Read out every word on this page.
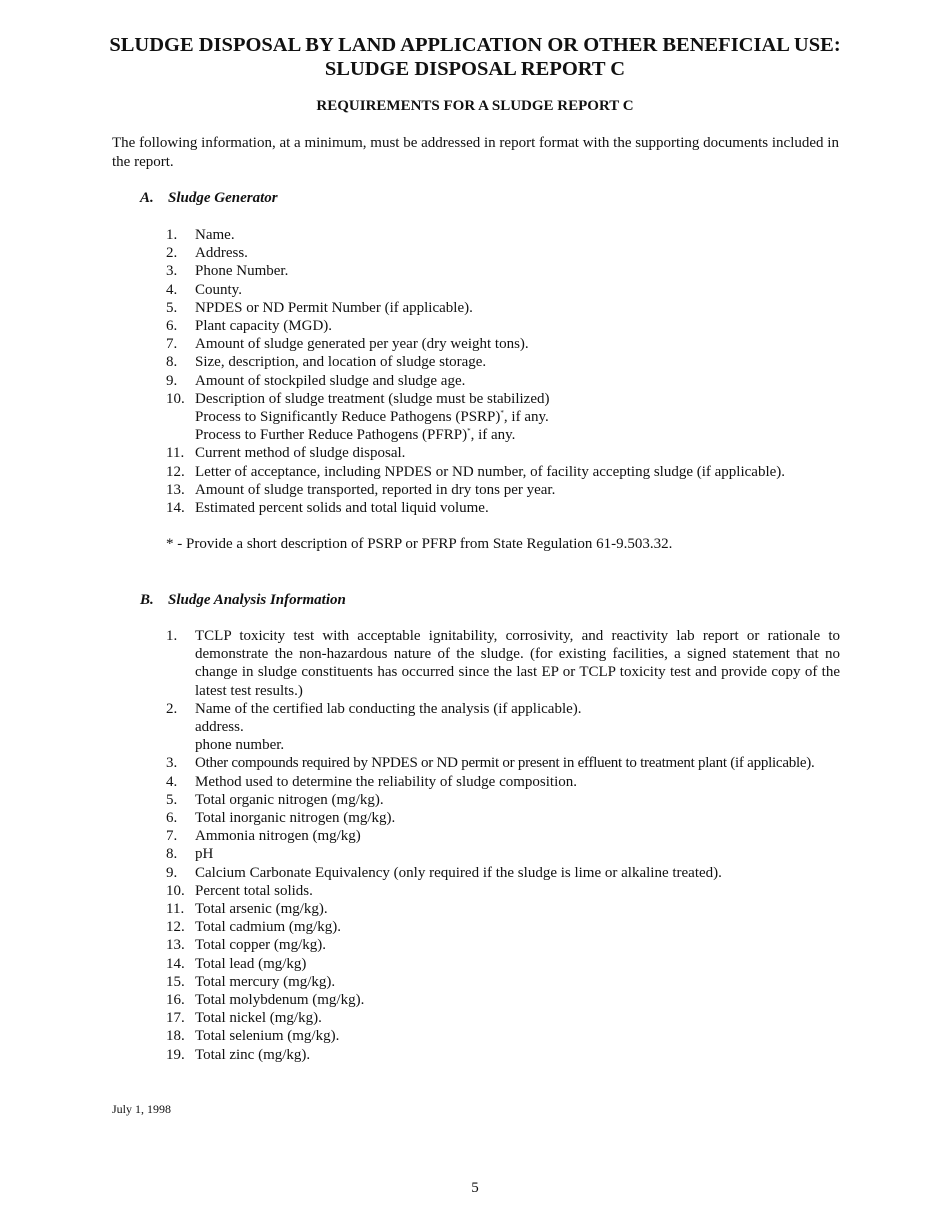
SLUDGE DISPOSAL BY LAND APPLICATION OR OTHER BENEFICIAL USE:
SLUDGE DISPOSAL REPORT C
REQUIREMENTS FOR A SLUDGE REPORT C
The following information, at a minimum, must be addressed in report format with the supporting documents included in the report.
A. Sludge Generator
1.	Name.
2.	Address.
3.	Phone Number.
4.	County.
5.	NPDES or ND Permit Number (if applicable).
6.	Plant capacity (MGD).
7.	Amount of sludge generated per year (dry weight tons).
8.	Size, description, and location of sludge storage.
9.	Amount of stockpiled sludge and sludge age.
10. Description of sludge treatment (sludge must be stabilized)
Process to Significantly Reduce Pathogens (PSRP)*, if any.
Process to Further Reduce Pathogens (PFRP)*, if any.
11. Current method of sludge disposal.
12. Letter of acceptance, including NPDES or ND number, of facility accepting sludge (if applicable).
13. Amount of sludge transported, reported in dry tons per year.
14. Estimated percent solids and total liquid volume.
* - Provide a short description of PSRP or PFRP from State Regulation 61-9.503.32.
B. Sludge Analysis Information
1.	TCLP toxicity test with acceptable ignitability, corrosivity, and reactivity lab report or rationale to demonstrate the non-hazardous nature of the sludge. (for existing facilities, a signed statement that no change in sludge constituents has occurred since the last EP or TCLP toxicity test and provide copy of the latest test results.)
2.	Name of the certified lab conducting the analysis (if applicable).
address.
phone number.
3.	Other compounds required by NPDES or ND permit or present in effluent to treatment plant (if applicable).
4.	Method used to determine the reliability of sludge composition.
5.	Total organic nitrogen (mg/kg).
6.	Total inorganic nitrogen (mg/kg).
7.	Ammonia nitrogen (mg/kg)
8.	pH
9.	Calcium Carbonate Equivalency (only required if the sludge is lime or alkaline treated).
10. Percent total solids.
11. Total arsenic (mg/kg).
12. Total cadmium (mg/kg).
13. Total copper (mg/kg).
14. Total lead (mg/kg)
15. Total mercury (mg/kg).
16. Total molybdenum (mg/kg).
17. Total nickel (mg/kg).
18. Total selenium (mg/kg).
19. Total zinc (mg/kg).
July 1, 1998
5
